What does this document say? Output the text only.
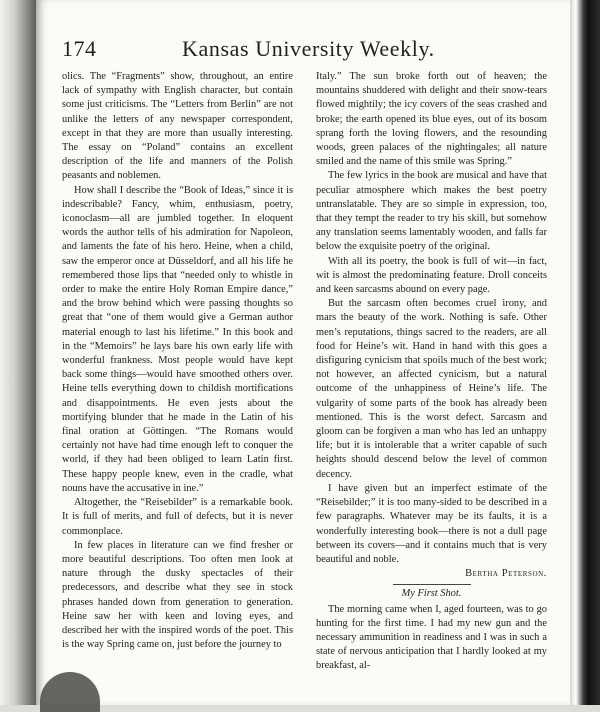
174	Kansas University Weekly.

olics. The “Fragments” show, throughout, an entire lack of sympathy with English character, but contain some just criticisms. The “Letters from Berlin” are not unlike the letters of any newspaper correspondent, except in that they are more than usually interesting. The essay on “Poland” contains an excellent description of the life and manners of the Polish peasants and noblemen.

How shall I describe the “Book of Ideas,” since it is indescribable? Fancy, whim, enthusiasm, poetry, iconoclasm—all are jumbled together. In eloquent words the author tells of his admiration for Napoleon, and laments the fate of his hero. Heine, when a child, saw the emperor once at Düsseldorf, and all his life he remembered those lips that “needed only to whistle in order to make the entire Holy Roman Empire dance,” and the brow behind which were passing thoughts so great that “one of them would give a German author material enough to last his lifetime.” In this book and in the “Memoirs” he lays bare his own early life with wonderful frankness. Most people would have kept back some things—would have smoothed others over. Heine tells everything down to childish mortifications and disappointments. He even jests about the mortifying blunder that he made in the Latin of his final oration at Göttingen. “The Romans would certainly not have had time enough left to conquer the world, if they had been obliged to learn Latin first. These happy people knew, even in the cradle, what nouns have the accusative in ine.”

Altogether, the “Reisebilder” is a remarkable book. It is full of merits, and full of defects, but it is never commonplace.

In few places in literature can we find fresher or more beautiful descriptions. Too often men look at nature through the dusky spectacles of their predecessors, and describe what they see in stock phrases handed down from generation to generation. Heine saw her with keen and loving eyes, and described her with the inspired words of the poet. This is the way Spring came on, just before the journey to

Italy.” The sun broke forth out of heaven; the mountains shuddered with delight and their snow-tears flowed mightily; the icy covers of the seas crashed and broke; the earth opened its blue eyes, out of its bosom sprang forth the loving flowers, and the resounding woods, green palaces of the nightingales; all nature smiled and the name of this smile was Spring.”

The few lyrics in the book are musical and have that peculiar atmosphere which makes the best poetry untranslatable. They are so simple in expression, too, that they tempt the reader to try his skill, but somehow any translation seems lamentably wooden, and falls far below the exquisite poetry of the original.

With all its poetry, the book is full of wit—in fact, wit is almost the predominating feature. Droll conceits and keen sarcasms abound on every page.

But the sarcasm often becomes cruel irony, and mars the beauty of the work. Nothing is safe. Other men’s reputations, things sacred to the readers, are all food for Heine’s wit. Hand in hand with this goes a disfiguring cynicism that spoils much of the best work; not however, an affected cynicism, but a natural outcome of the unhappiness of Heine’s life. The vulgarity of some parts of the book has already been mentioned. This is the worst defect. Sarcasm and gloom can be forgiven a man who has led an unhappy life; but it is intolerable that a writer capable of such heights should descend below the level of common decency.

I have given but an imperfect estimate of the “Reisebilder;” it is too many-sided to be described in a few paragraphs. Whatever may be its faults, it is a wonderfully interesting book—there is not a dull page between its covers—and it contains much that is very beautiful and noble.

Bertha Peterson.
My First Shot.

The morning came when I, aged fourteen, was to go hunting for the first time. I had my new gun and the necessary ammunition in readiness and I was in such a state of nervous anticipation that I hardly looked at my breakfast, al-
